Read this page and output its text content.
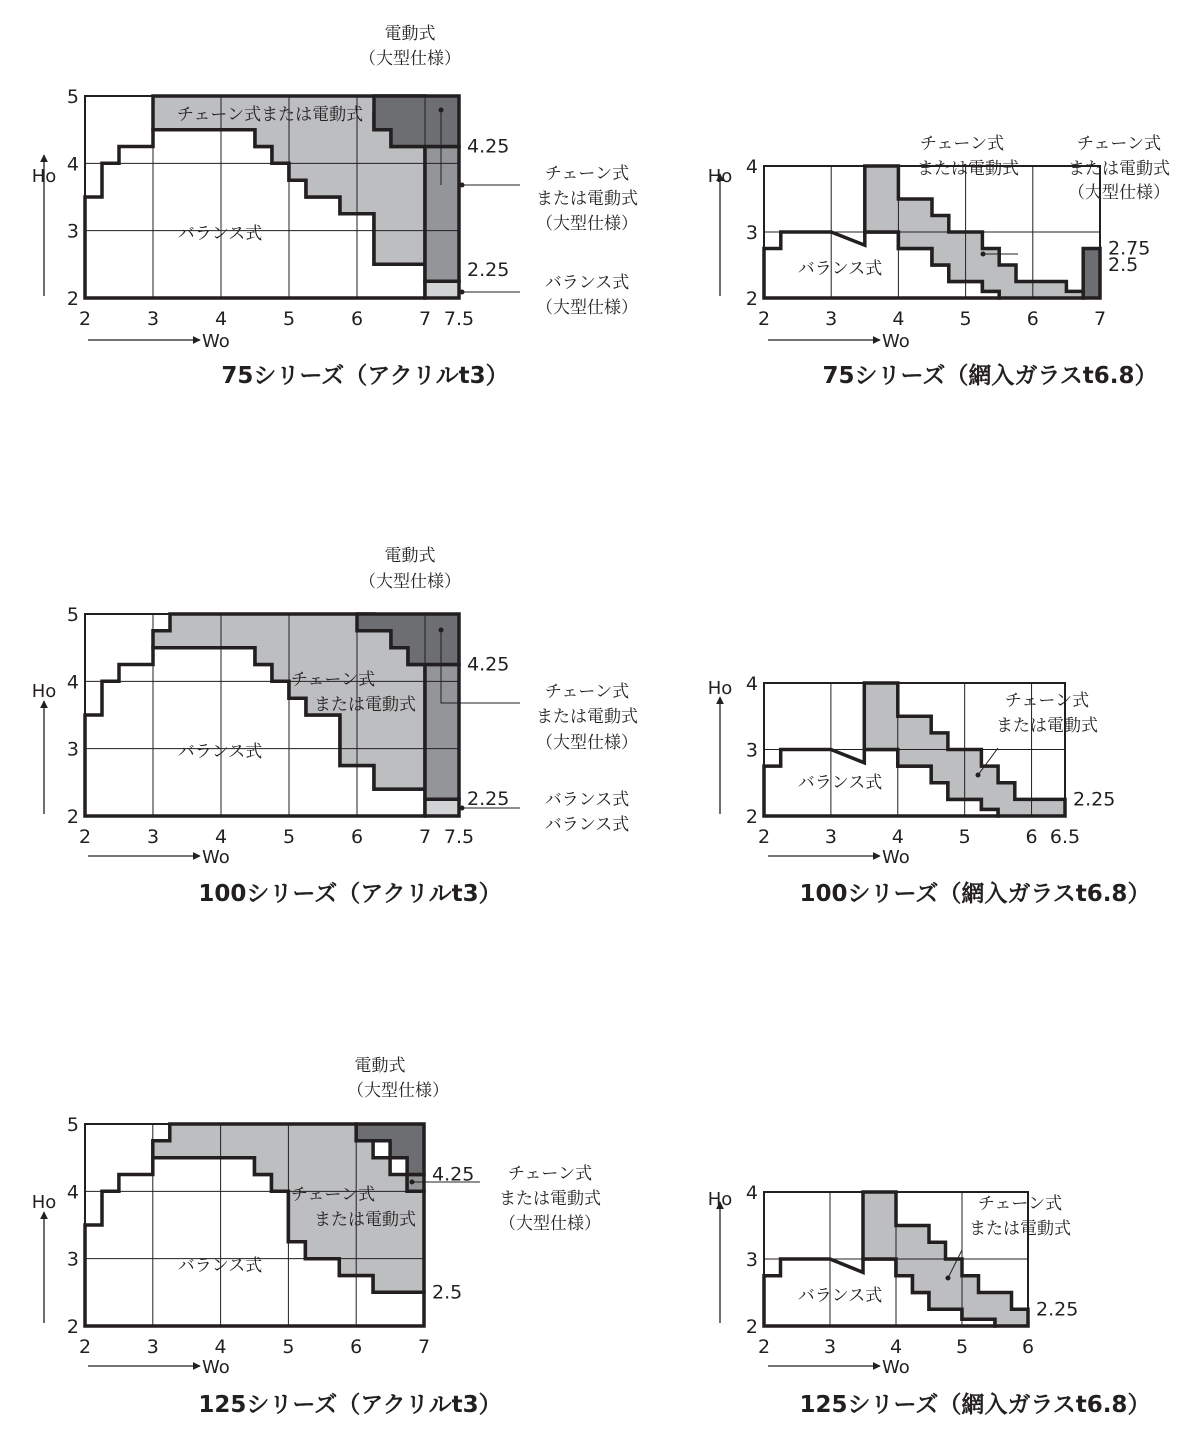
2	3	4	5	6	7 7.5
2
3
4
5
Ho
Wo
4.25
2.25
電動式
（大型仕様）
チェーン式
または電動式
（大型仕様）
バランス式
（大型仕様）
バランス式
チェーン式または電動式
75シリーズ（アクリルt3）
2	3	4	5	6	7
2
3
4
Ho
Wo
2.75
2.5
チェーン式
または電動式
チェーン式
または電動式
（大型仕様）
バランス式
75シリーズ（網入ガラスt6.8）
2	3	4	5	6	7 7.5
2
3
4
5
Ho
Wo
4.25
2.25
電動式
（大型仕様）
チェーン式
または電動式
チェーン式
または電動式
（大型仕様）
バランス式
バランス式
バランス式
100シリーズ（アクリルt3）
2	3	4	5	6 6.5
2
3
4
Ho
Wo
2.25
チェーン式
または電動式
バランス式
100シリーズ（網入ガラスt6.8）
2	3	4	5	6	7
2
3
4
5
Ho
Wo
4.25
2.5
電動式
（大型仕様）
チェーン式
または電動式
チェーン式
または電動式
（大型仕様）
バランス式
125シリーズ（アクリルt3）
2	3	4	5	6
2
3
4
Ho
Wo
2.25
チェーン式
または電動式
バランス式
125シリーズ（網入ガラスt6.8）
